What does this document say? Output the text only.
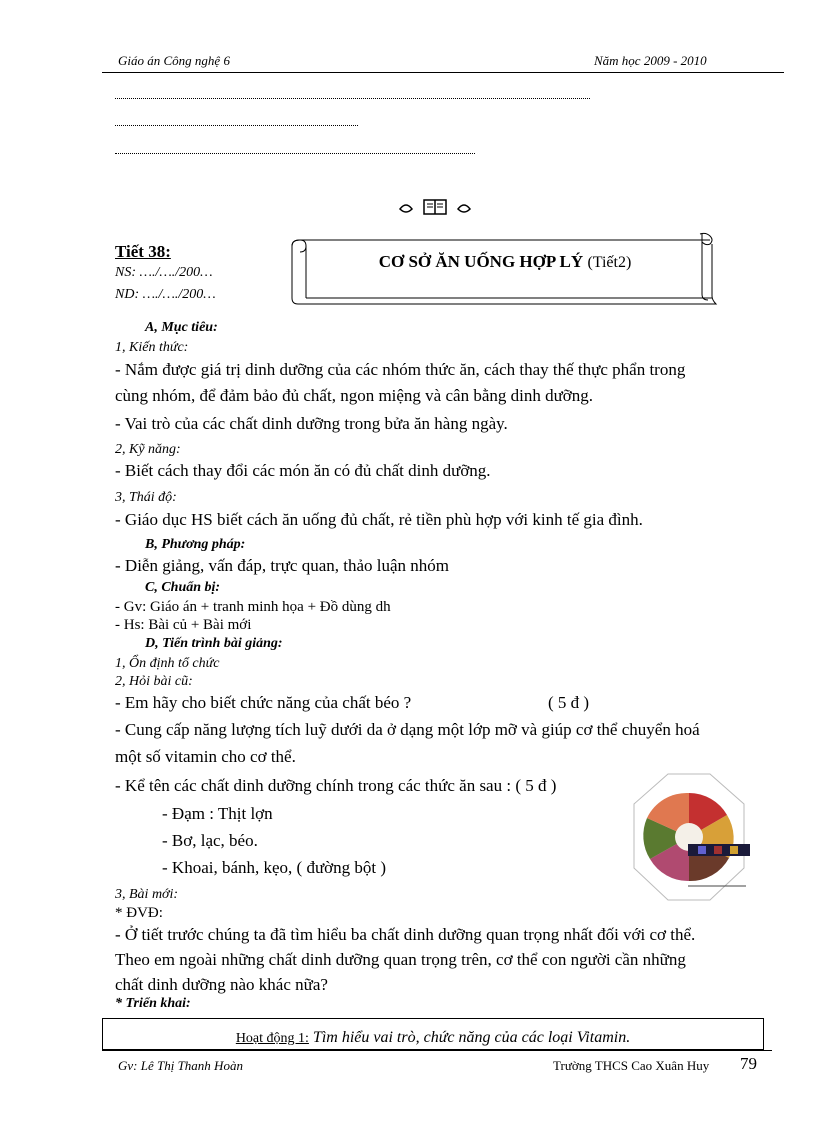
Giáo án Công nghệ 6	Năm học 2009 - 2010
Tiết 38:
NS: …./…./200…
ND: …./…./200…
CƠ SỞ ĂN UỐNG HỢP LÝ (Tiết2)
A, Mục tiêu:
1, Kiến thức:
- Nắm được giá trị dinh dưỡng của các nhóm thức ăn, cách thay thế thực phẩn trong
cùng nhóm, để đảm bảo đủ chất, ngon miệng và cân bằng dinh dưỡng.
- Vai trò của các chất dinh dưỡng trong bửa ăn hàng ngày.
2, Kỹ năng:
- Biết cách thay đổi các món ăn có đủ chất dinh dưỡng.
3, Thái độ:
- Giáo dục HS biết cách ăn uống đủ chất, rẻ tiền phù hợp với kinh tế gia đình.
B, Phương pháp:
- Diễn giảng, vấn đáp, trực quan, thảo luận nhóm
C, Chuẩn bị:
- Gv: Giáo án + tranh minh họa + Đồ dùng dh
- Hs: Bài củ + Bài mới
D, Tiến trình bài giảng:
1, Ổn định tổ chức
2, Hỏi bài cũ:
- Em hãy cho biết chức năng của chất béo ?	( 5 đ )
- Cung cấp năng lượng tích luỹ dưới da ở dạng một lớp mỡ và giúp cơ thể chuyển hoá
một số vitamin cho cơ thể.
- Kể tên các chất dinh dưỡng chính trong các thức ăn sau : ( 5 đ )
- Đạm : Thịt lợn
- Bơ, lạc, béo.
- Khoai, bánh, kẹo, ( đường bột )
3, Bài mới:
* ĐVĐ:
- Ở tiết trước chúng ta đã tìm hiểu ba chất dinh dưỡng quan trọng nhất đối với cơ thể.
Theo em ngoài những chất dinh dưỡng quan trọng trên, cơ thể con người cần những
chất dinh dưỡng nào khác nữa?
* Triển khai:
Hoạt động 1: Tìm hiểu vai trò, chức năng của các loại Vitamin.
Gv: Lê Thị Thanh Hoàn	Trường THCS Cao Xuân Huy 79
